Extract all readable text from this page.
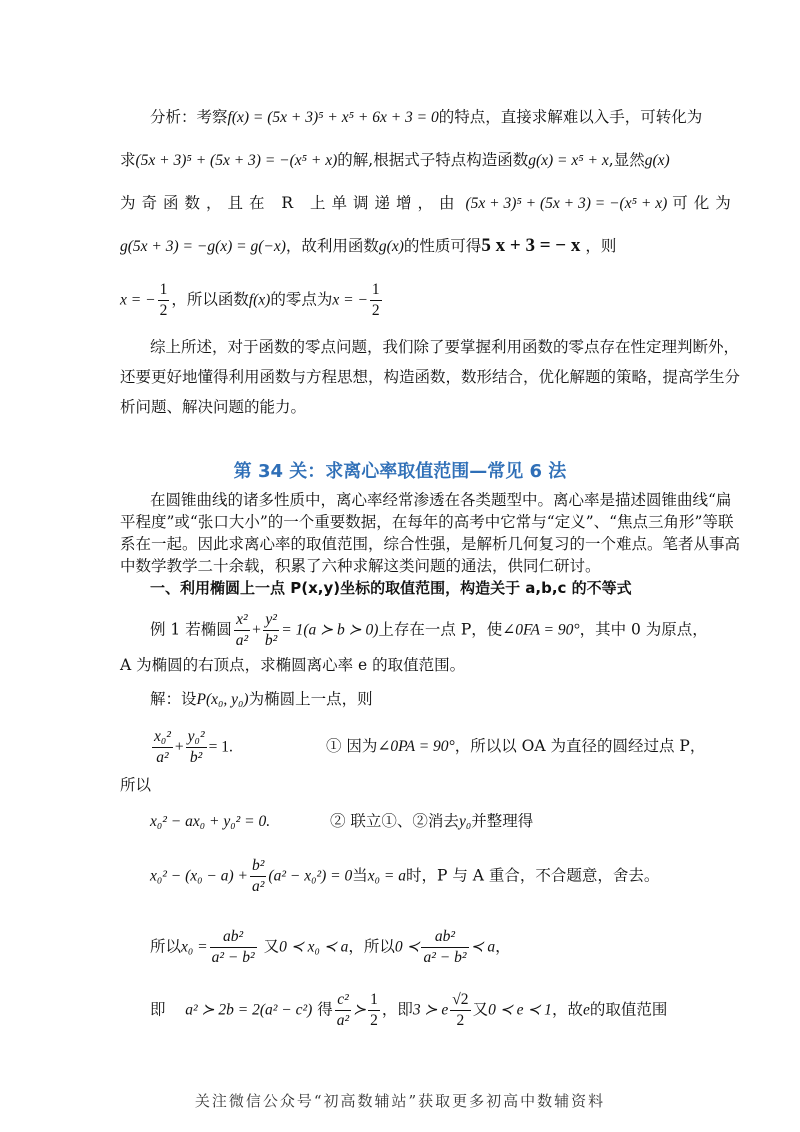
分析：考察f(x) = (5x + 3)⁵ + x⁵ + 6x + 3 = 0的特点，直接求解难以入手，可转化为
求(5x + 3)⁵ + (5x + 3) = −(x⁵ + x)的解,根据式子特点构造函数g(x) = x⁵ + x,显然g(x)
为奇函数，且在 R 上单调递增，由 (5x + 3)⁵ + (5x + 3) = −(x⁵ + x) 可化为
g(5x + 3) = −g(x) = g(−x)，故利用函数g(x)的性质可得5 x + 3 = − x ，则
x = − $\frac{1}{2}$ ，所以函数f(x)的零点为x = − $\frac{1}{2}$
综上所述，对于函数的零点问题，我们除了要掌握利用函数的零点存在性定理判断外，
还要更好地懂得利用函数与方程思想，构造函数，数形结合，优化解题的策略，提高学生分
析问题、解决问题的能力。
第 34 关：求离心率取值范围—常见 6 法
在圆锥曲线的诸多性质中，离心率经常渗透在各类题型中。离心率是描述圆锥曲线“扁
平程度”或“张口大小”的一个重要数据，在每年的高考中它常与“定义”、“焦点三角形”等联
系在一起。因此求离心率的取值范围，综合性强，是解析几何复习的一个难点。笔者从事高
中数学教学二十余载，积累了六种求解这类问题的通法，供同仁研讨。
一、利用椭圆上一点 P(x,y)坐标的取值范围，构造关于 a,b,c 的不等式
例 1 若椭圆 $\frac{\text{x²}}{\text{a²}} + \frac{\text{y²}}{\text{b²}} = 1(a$ ≻ b ≻ 0)上存在一点 P，使∠0FA = 90°，其中 0 为原点，
A 为椭圆的右顶点，求椭圆离心率 e 的取值范围。
解：设P(x₀, y₀)为椭圆上一点，则
$\frac{\text{x₀²}}{\text{a²}} + \frac{\text{y₀²}}{\text{b²}} = 1$.	① 因为∠0PA = 90°，所以以 OA 为直径的圆经过点 P，
所以
x₀² − ax₀ + y₀² = 0.	② 联立①、②消去y₀并整理得
$x_0^2 - (x_0 - a) + \frac{\text{b²}}{\text{a²}} (a^2 - x_0^2) = 0$当x₀ = a时，P 与 A 重合，不合题意，舍去。
所以$x_0 = \frac{\text{ab²}}{\text{a² − b²}}$ 又0 ≺ x₀ ≺ a，所以0 ≺ $\frac{\text{ab²}}{\text{a² − b²}}$ ≺ a，
即 a² ≻ 2b = 2(a² − c²) 得 $\frac{\text{c²}}{\text{a²}}$ ≻ $\frac{1}{2}$ ，即3 ≻ e $\frac{√2}{2}$ 又0 ≺ e ≺ 1，故e的取值范围
关注微信公众号“初高数辅站”获取更多初高中数辅资料
